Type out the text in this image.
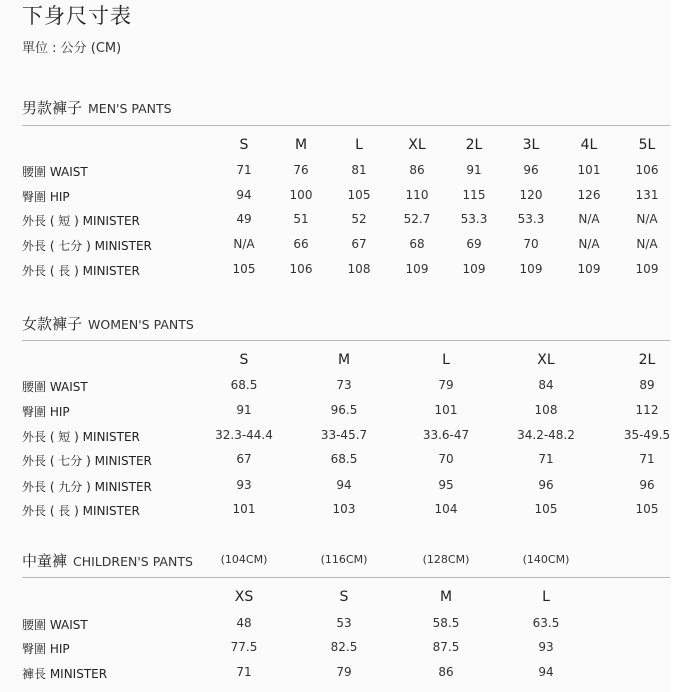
下身尺寸表
單位 : 公分 (CM)
男款褲子 MEN'S PANTS
S	M	L	XL	2L	3L	4L	5L
腰圍 WAIST	71	76	81	86	91	96	101	106
臀圍 HIP	94	100	105	110	115	120	126	131
外長 ( 短 ) MINISTER	49	51	52	52.7	53.3	53.3	N/A	N/A
外長 ( 七分 ) MINISTER	N/A	66	67	68	69	70	N/A	N/A
外長 ( 長 ) MINISTER	105	106	108	109	109	109	109	109
女款褲子 WOMEN'S PANTS
S	M	L	XL	2L
腰圍 WAIST	68.5	73	79	84	89
臀圍 HIP	91	96.5	101	108	112
外長 ( 短 ) MINISTER	32.3-44.4	33-45.7	33.6-47	34.2-48.2	35-49.5
外長 ( 七分 ) MINISTER	67	68.5	70	71	71
外長 ( 九分 ) MINISTER	93	94	95	96	96
外長 ( 長 ) MINISTER	101	103	104	105	105
中童褲 CHILDREN'S PANTS	(104CM)	(116CM)	(128CM)	(140CM)
XS	S	M	L
腰圍 WAIST	48	53	58.5	63.5
臀圍 HIP	77.5	82.5	87.5	93
褲長 MINISTER	71	79	86	94
